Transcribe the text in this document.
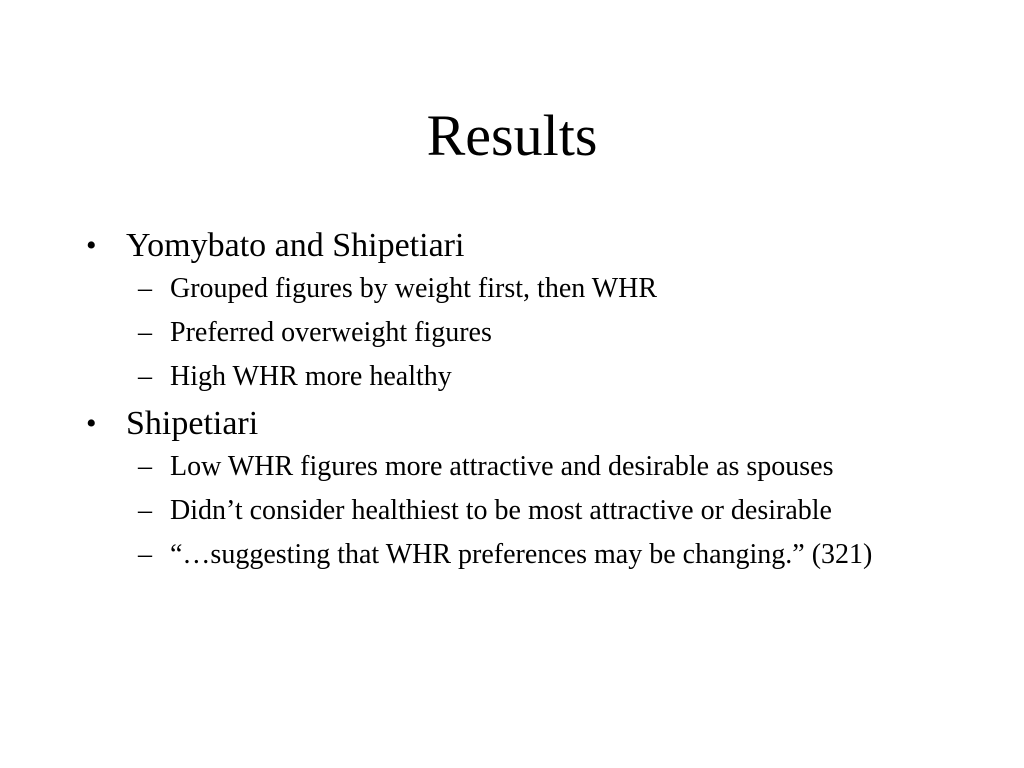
Results
• Yomybato and Shipetiari
– Grouped figures by weight first, then WHR
– Preferred overweight figures
– High WHR more healthy
• Shipetiari
– Low WHR figures more attractive and desirable as spouses
– Didn’t consider healthiest to be most attractive or desirable
– “…suggesting that WHR preferences may be changing.” (321)
